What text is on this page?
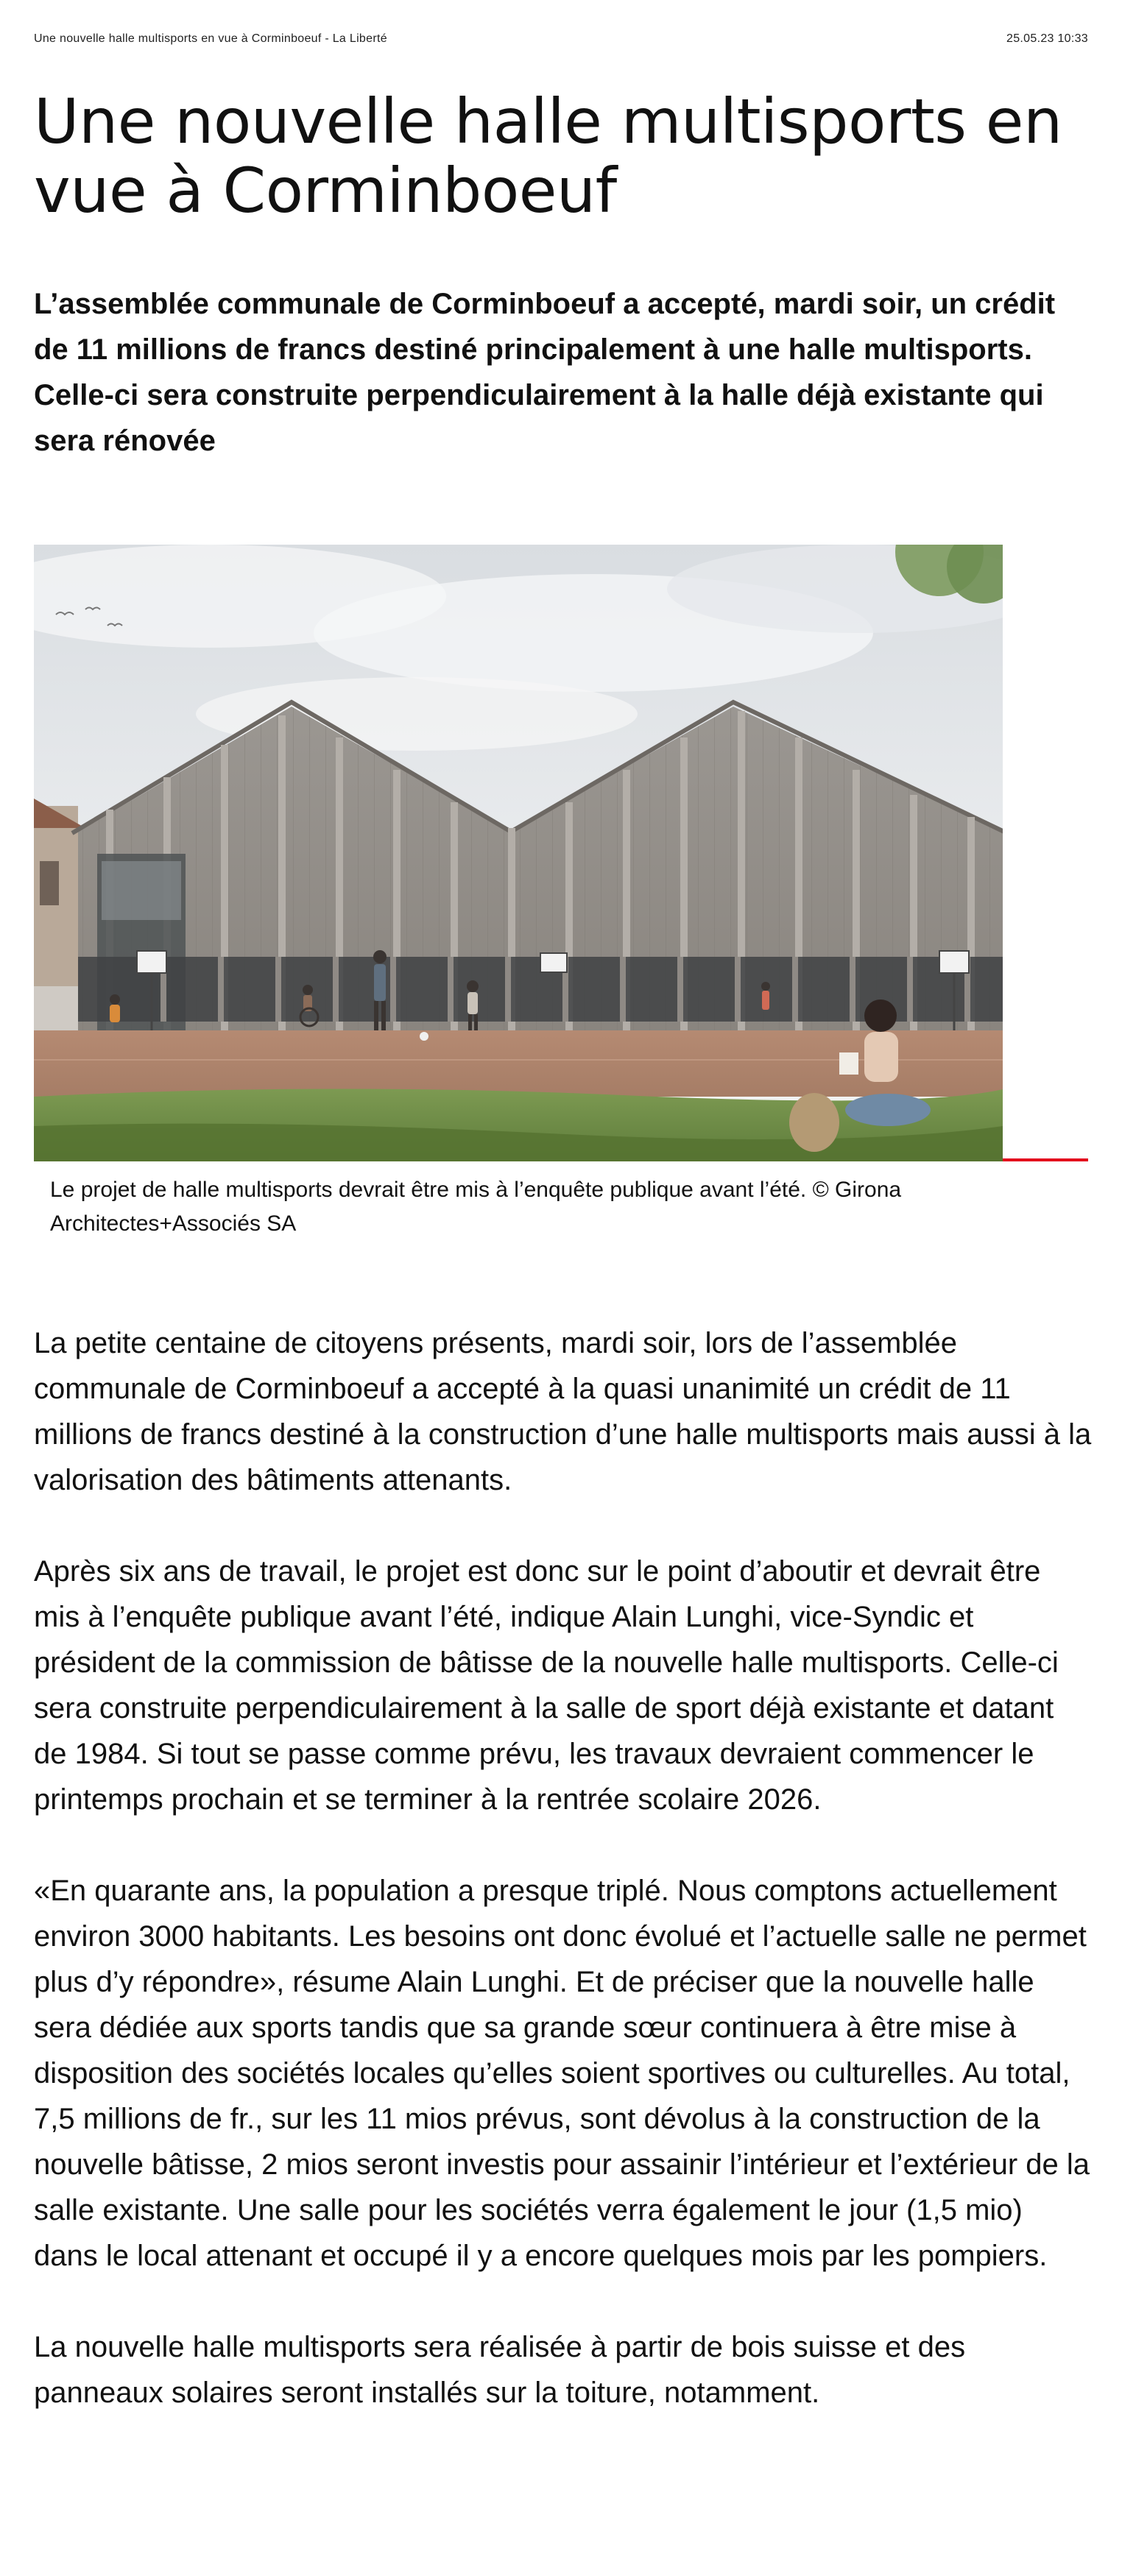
Une nouvelle halle multisports en vue à Corminboeuf - La Liberté	25.05.23 10:33
Une nouvelle halle multisports en vue à Corminboeuf

L’assemblée communale de Corminboeuf a accepté, mardi soir, un crédit de 11 millions de francs destiné principalement à une halle multisports. Celle-ci sera construite perpendiculairement à la halle déjà existante qui sera rénovée

Le projet de halle multisports devrait être mis à l’enquête publique avant l’été. © Girona Architectes+Associés SA

La petite centaine de citoyens présents, mardi soir, lors de l’assemblée communale de Corminboeuf a accepté à la quasi unanimité un crédit de 11 millions de francs destiné à la construction d’une halle multisports mais aussi à la valorisation des bâtiments attenants.

Après six ans de travail, le projet est donc sur le point d’aboutir et devrait être mis à l’enquête publique avant l’été, indique Alain Lunghi, vice-Syndic et président de la commission de bâtisse de la nouvelle halle multisports. Celle-ci sera construite perpendiculairement à la salle de sport déjà existante et datant de 1984. Si tout se passe comme prévu, les travaux devraient commencer le printemps prochain et se terminer à la rentrée scolaire 2026.

«En quarante ans, la population a presque triplé. Nous comptons actuellement environ 3000 habitants. Les besoins ont donc évolué et l’actuelle salle ne permet plus d’y répondre», résume Alain Lunghi. Et de préciser que la nouvelle halle sera dédiée aux sports tandis que sa grande sœur continuera à être mise à disposition des sociétés locales qu’elles soient sportives ou culturelles. Au total, 7,5 millions de fr., sur les 11 mios prévus, sont dévolus à la construction de la nouvelle bâtisse, 2 mios seront investis pour assainir l’intérieur et l’extérieur de la salle existante. Une salle pour les sociétés verra également le jour (1,5 mio) dans le local attenant et occupé il y a encore quelques mois par les pompiers.

La nouvelle halle multisports sera réalisée à partir de bois suisse et des panneaux solaires seront installés sur la toiture, notamment.
